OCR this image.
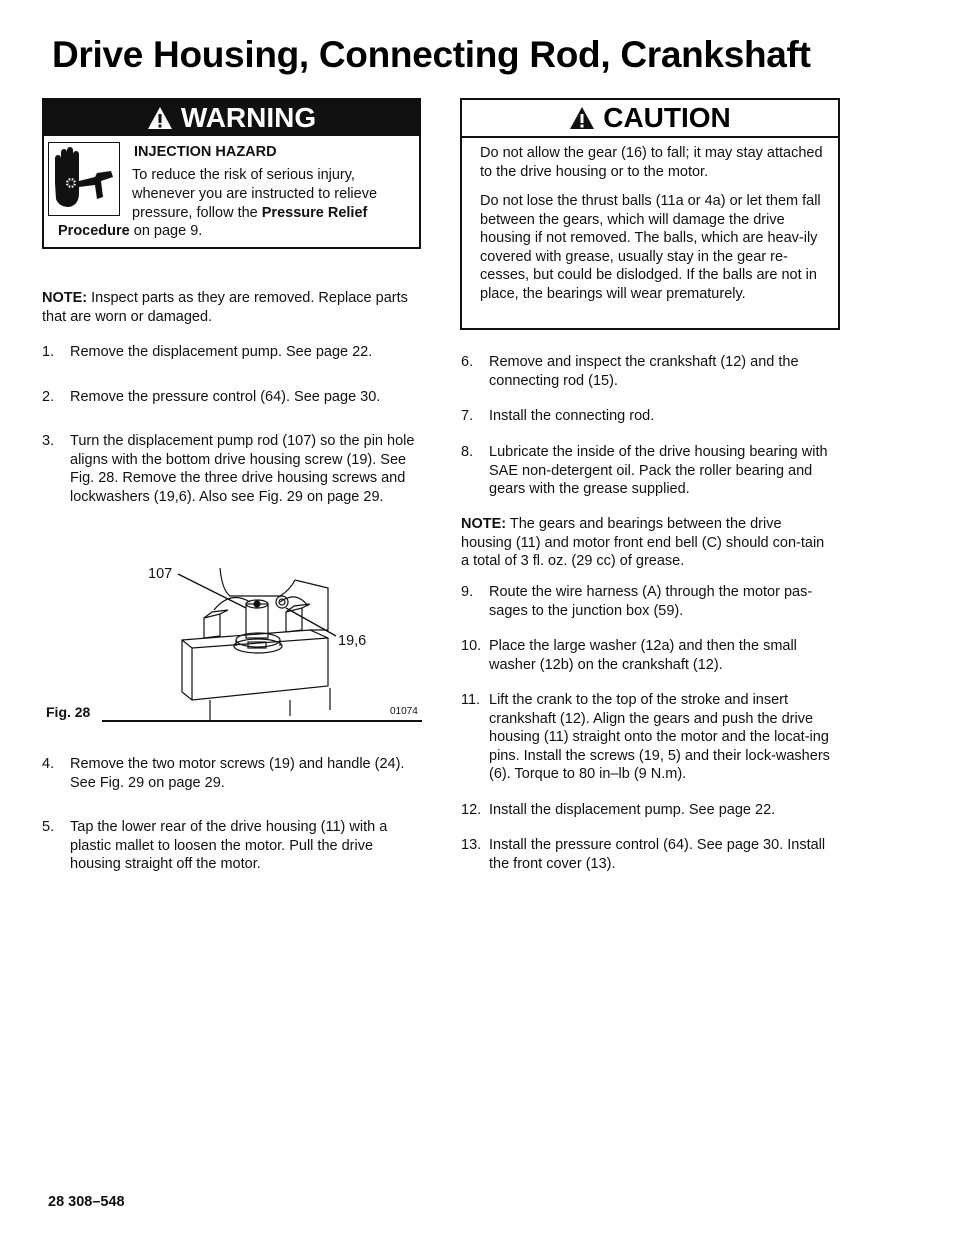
Drive Housing, Connecting Rod, Crankshaft
WARNING
INJECTION HAZARD
To reduce the risk of serious injury, whenever you are instructed to relieve pressure, follow the Pressure Relief
Procedure on page 9.
CAUTION
Do not allow the gear (16) to fall; it may stay attached to the drive housing or to the motor.
Do not lose the thrust balls (11a or 4a) or let them fall between the gears, which will damage the drive housing if not removed. The balls, which are heav-ily covered with grease, usually stay in the gear re-cesses, but could be dislodged. If the balls are not in place, the bearings will wear prematurely.
NOTE: Inspect parts as they are removed. Replace parts that are worn or damaged.
1. Remove the displacement pump. See page 22.
2. Remove the pressure control (64). See page 30.
3. Turn the displacement pump rod (107) so the pin hole aligns with the bottom drive housing screw (19). See Fig. 28. Remove the three drive housing screws and lockwashers (19,6). Also see Fig. 29 on page 29.
107
19,6
Fig. 28	01074
4. Remove the two motor screws (19) and handle (24). See Fig. 29 on page 29.
5. Tap the lower rear of the drive housing (11) with a plastic mallet to loosen the motor. Pull the drive housing straight off the motor.
6. Remove and inspect the crankshaft (12) and the connecting rod (15).
7. Install the connecting rod.
8. Lubricate the inside of the drive housing bearing with SAE non-detergent oil. Pack the roller bearing and gears with the grease supplied.
NOTE: The gears and bearings between the drive housing (11) and motor front end bell (C) should con-tain a total of 3 fl. oz. (29 cc) of grease.
9. Route the wire harness (A) through the motor pas-sages to the junction box (59).
10. Place the large washer (12a) and then the small washer (12b) on the crankshaft (12).
11. Lift the crank to the top of the stroke and insert crankshaft (12). Align the gears and push the drive housing (11) straight onto the motor and the locat-ing pins. Install the screws (19, 5) and their lock-washers (6). Torque to 80 in–lb (9 N.m).
12. Install the displacement pump. See page 22.
13. Install the pressure control (64). See page 30. Install the front cover (13).
28 308–548
